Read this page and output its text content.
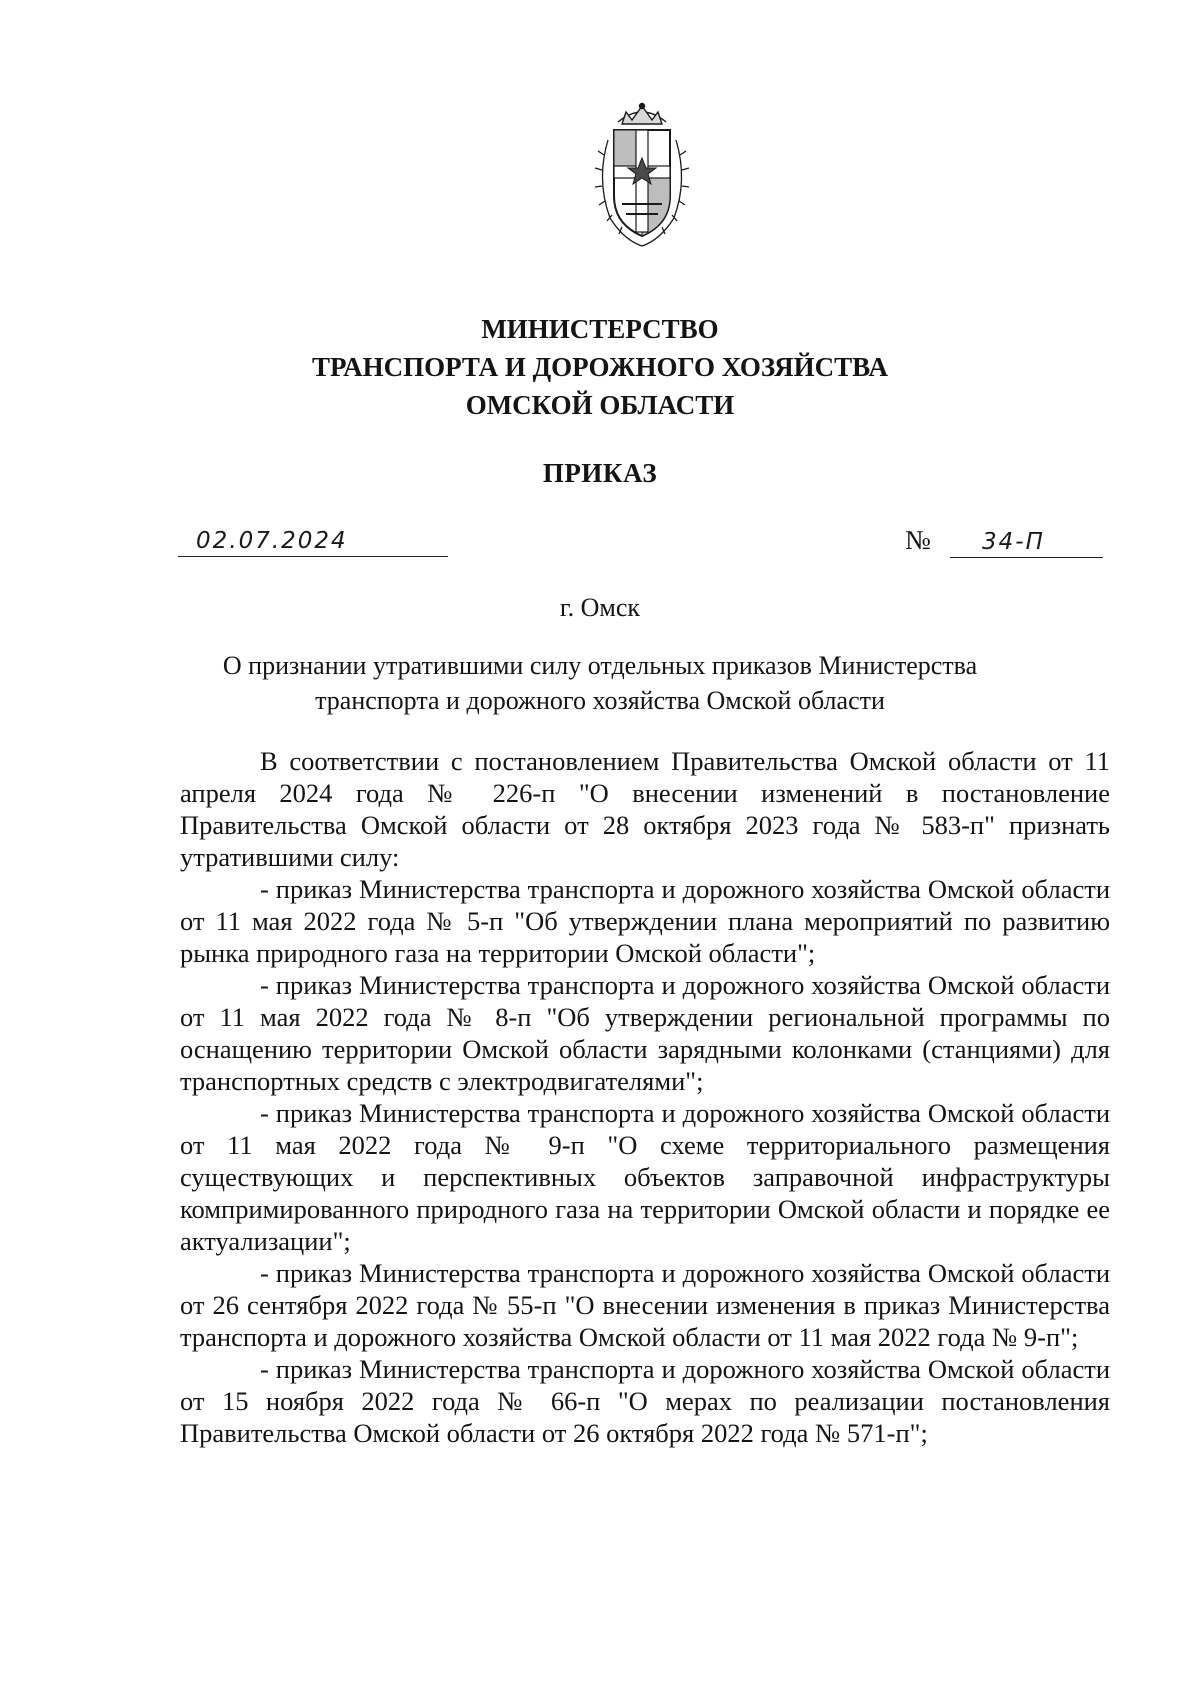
МИНИСТЕРСТВО
ТРАНСПОРТА И ДОРОЖНОГО ХОЗЯЙСТВА
ОМСКОЙ ОБЛАСТИ
ПРИКАЗ
02.07.2024	№ 34-П
г. Омск
О признании утратившими силу отдельных приказов Министерства
транспорта и дорожного хозяйства Омской области

В соответствии с постановлением Правительства Омской области от 11 апреля 2024 года № 226-п "О внесении изменений в постановление Правительства Омской области от 28 октября 2023 года № 583-п" признать утратившими силу:

- приказ Министерства транспорта и дорожного хозяйства Омской области от 11 мая 2022 года № 5-п "Об утверждении плана мероприятий по развитию рынка природного газа на территории Омской области";

- приказ Министерства транспорта и дорожного хозяйства Омской области от 11 мая 2022 года № 8-п "Об утверждении региональной программы по оснащению территории Омской области зарядными колонками (станциями) для транспортных средств с электродвигателями";

- приказ Министерства транспорта и дорожного хозяйства Омской области от 11 мая 2022 года № 9-п "О схеме территориального размещения существующих и перспективных объектов заправочной инфраструктуры компримированного природного газа на территории Омской области и порядке ее актуализации";

- приказ Министерства транспорта и дорожного хозяйства Омской области от 26 сентября 2022 года № 55-п "О внесении изменения в приказ Министерства транспорта и дорожного хозяйства Омской области от 11 мая 2022 года № 9-п";

- приказ Министерства транспорта и дорожного хозяйства Омской области от 15 ноября 2022 года № 66-п "О мерах по реализации постановления Правительства Омской области от 26 октября 2022 года № 571-п";
